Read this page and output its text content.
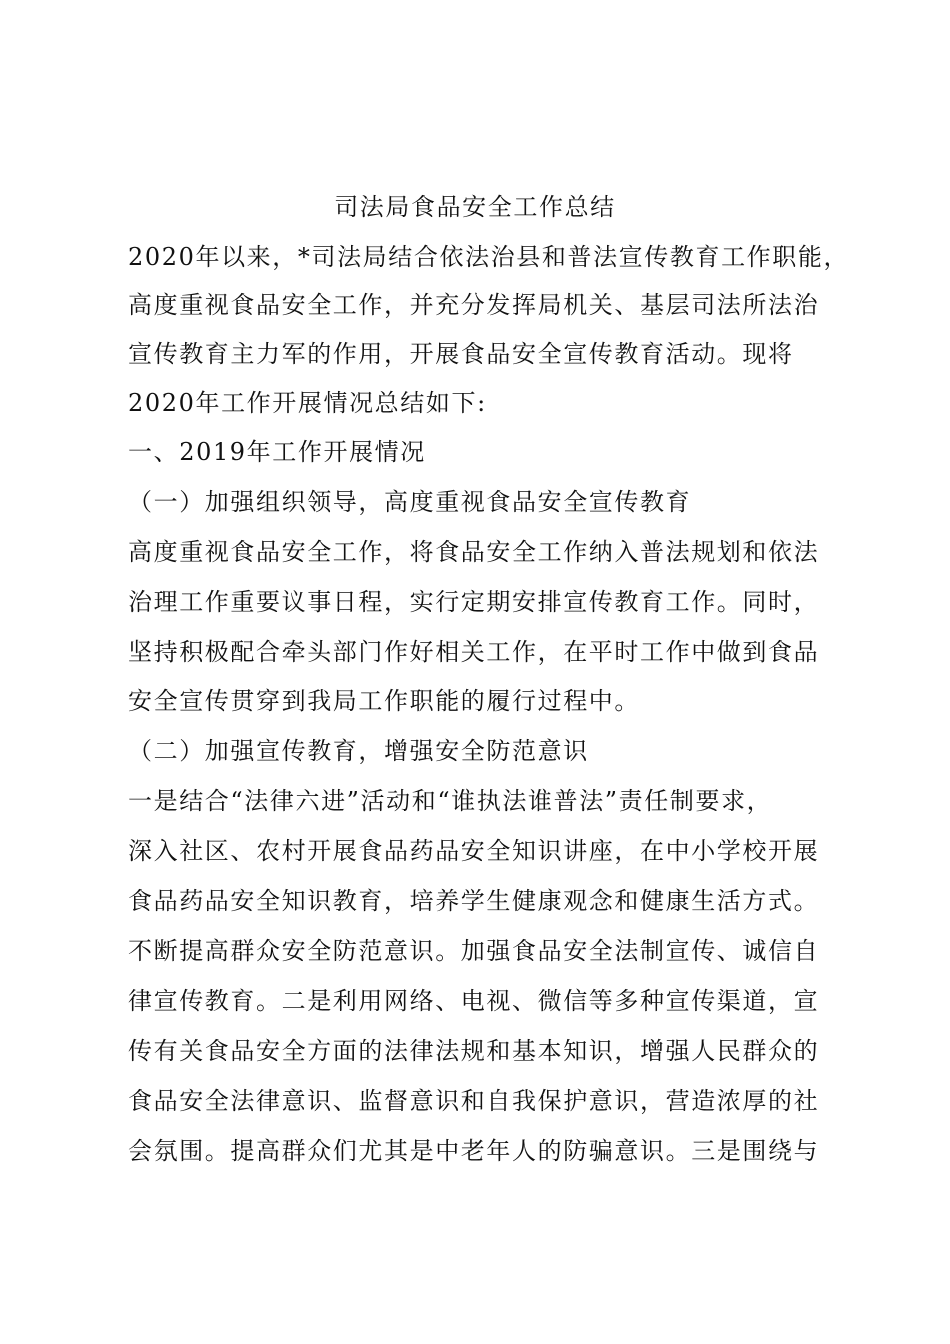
司法局食品安全工作总结
2020年以来，*司法局结合依法治县和普法宣传教育工作职能，
高度重视食品安全工作，并充分发挥局机关、基层司法所法治
宣传教育主力军的作用，开展食品安全宣传教育活动。现将
2020年工作开展情况总结如下:
一、2019年工作开展情况
（一）加强组织领导，高度重视食品安全宣传教育
高度重视食品安全工作，将食品安全工作纳入普法规划和依法
治理工作重要议事日程，实行定期安排宣传教育工作。同时，
坚持积极配合牵头部门作好相关工作，在平时工作中做到食品
安全宣传贯穿到我局工作职能的履行过程中。
（二）加强宣传教育，增强安全防范意识
一是结合“法律六进”活动和“谁执法谁普法”责任制要求，
深入社区、农村开展食品药品安全知识讲座，在中小学校开展
食品药品安全知识教育，培养学生健康观念和健康生活方式。
不断提高群众安全防范意识。加强食品安全法制宣传、诚信自
律宣传教育。二是利用网络、电视、微信等多种宣传渠道，宣
传有关食品安全方面的法律法规和基本知识，增强人民群众的
食品安全法律意识、监督意识和自我保护意识，营造浓厚的社
会氛围。提高群众们尤其是中老年人的防骗意识。三是围绕与
